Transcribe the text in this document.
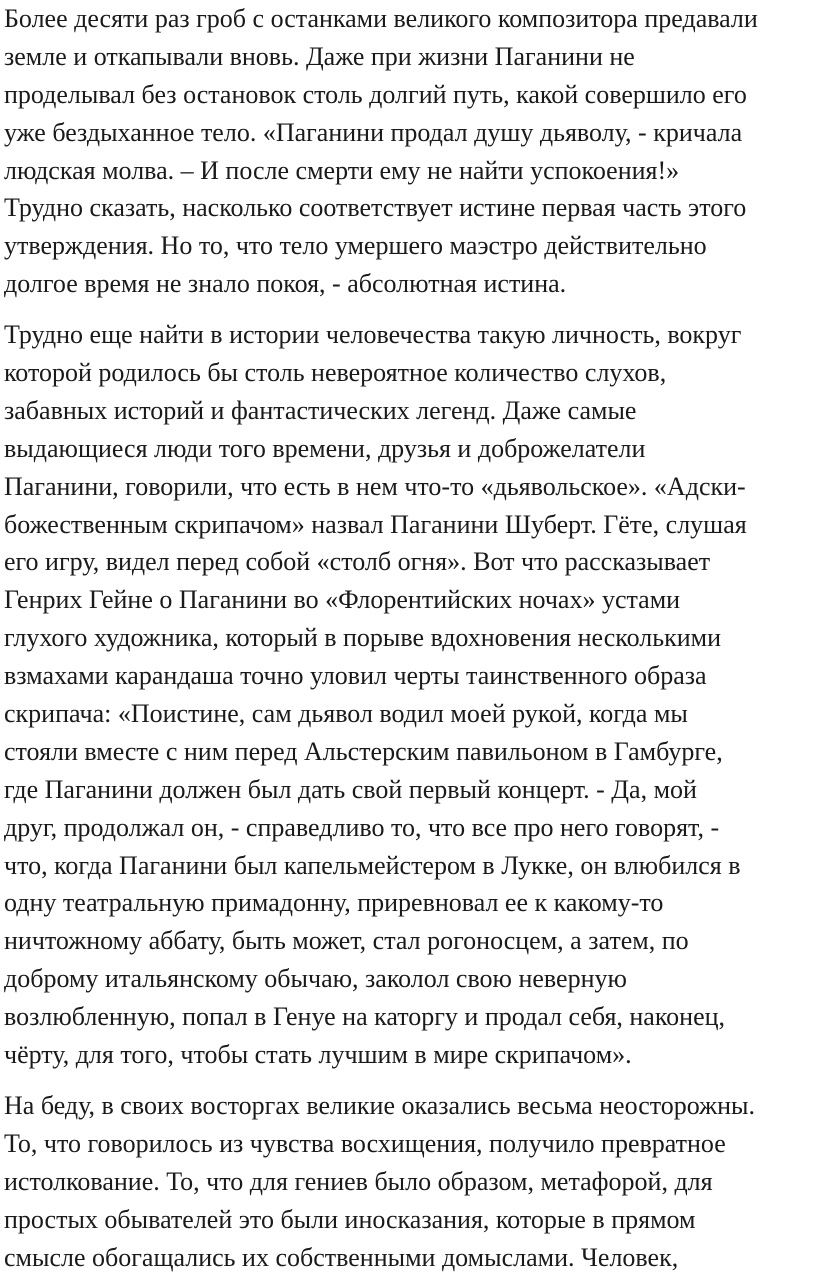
Более десяти раз гроб с останками великого композитора предавали
земле и откапывали вновь. Даже при жизни Паганини не
проделывал без остановок столь долгий путь, какой совершило его
уже бездыханное тело. «Паганини продал душу дьяволу, - кричала
людская молва. – И после смерти ему не найти успокоения!»
Трудно сказать, насколько соответствует истине первая часть этого
утверждения. Но то, что тело умершего маэстро действительно
долгое время не знало покоя, - абсолютная истина.

Трудно еще найти в истории человечества такую личность, вокруг
которой родилось бы столь невероятное количество слухов,
забавных историй и фантастических легенд. Даже самые
выдающиеся люди того времени, друзья и доброжелатели
Паганини, говорили, что есть в нем что-то «дьявольское». «Адски-
божественным скрипачом» назвал Паганини Шуберт. Гёте, слушая
его игру, видел перед собой «столб огня». Вот что рассказывает
Генрих Гейне о Паганини во «Флорентийских ночах» устами
глухого художника, который в порыве вдохновения несколькими
взмахами карандаша точно уловил черты таинственного образа
скрипача: «Поистине, сам дьявол водил моей рукой, когда мы
стояли вместе с ним перед Альстерским павильоном в Гамбурге,
где Паганини должен был дать свой первый концерт. - Да, мой
друг, продолжал он, - справедливо то, что все про него говорят, -
что, когда Паганини был капельмейстером в Лукке, он влюбился в
одну театральную примадонну, приревновал ее к какому-то
ничтожному аббату, быть может, стал рогоносцем, а затем, по
доброму итальянскому обычаю, заколол свою неверную
возлюбленную, попал в Генуе на каторгу и продал себя, наконец,
чёрту, для того, чтобы стать лучшим в мире скрипачом».

На беду, в своих восторгах великие оказались весьма неосторожны.
То, что говорилось из чувства восхищения, получило превратное
истолкование. То, что для гениев было образом, метафорой, для
простых обывателей это были иносказания, которые в прямом
смысле обогащались их собственными домыслами. Человек,
